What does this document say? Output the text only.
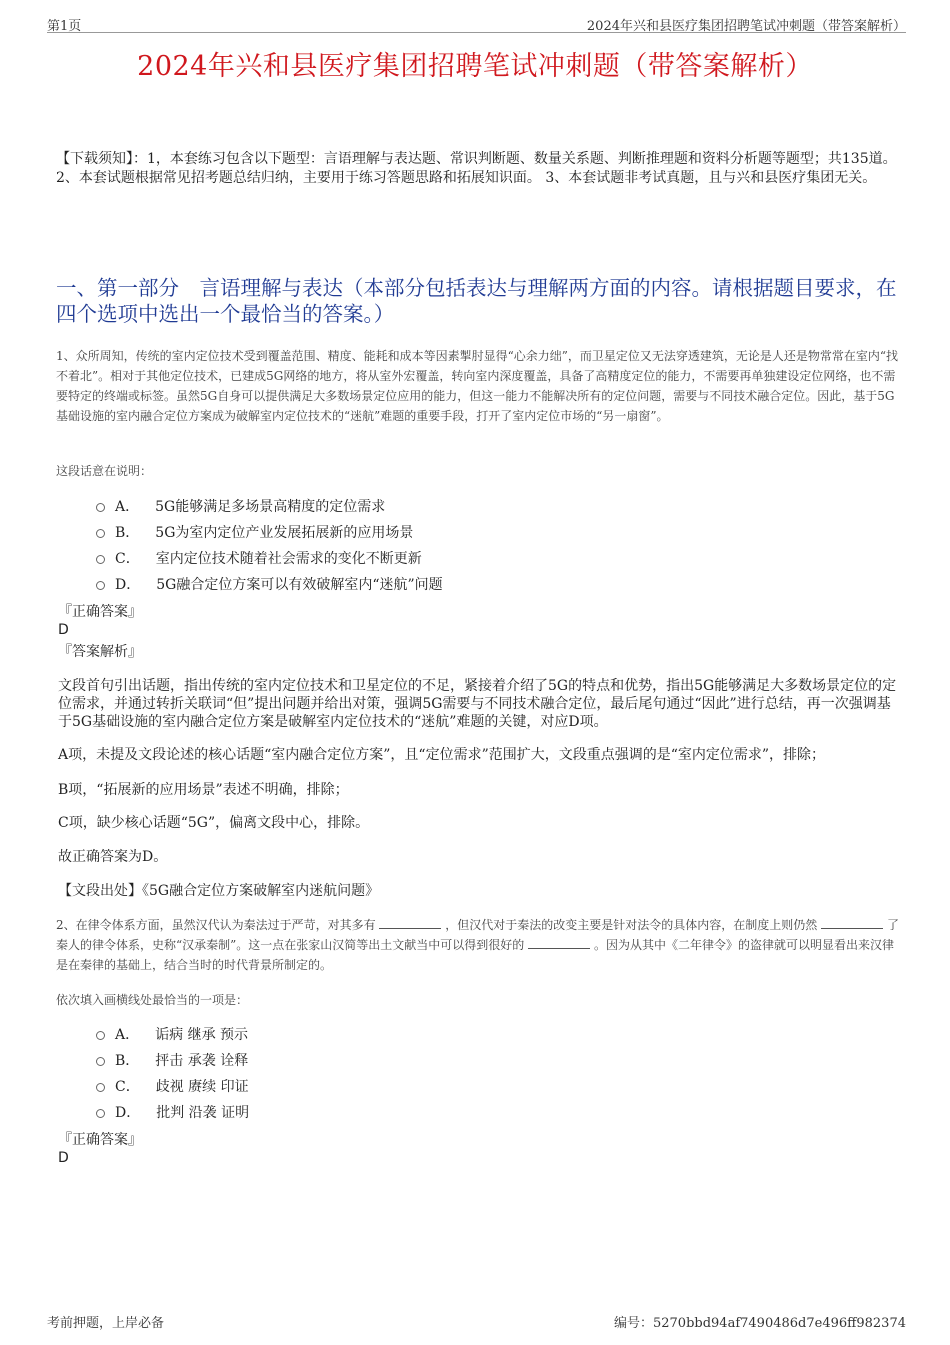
第1页	2024年兴和县医疗集团招聘笔试冲刺题（带答案解析）
2024年兴和县医疗集团招聘笔试冲刺题（带答案解析）
【下载须知】：1，本套练习包含以下题型：言语理解与表达题、常识判断题、数量关系题、判断推理题和资料分析题等题型；共135道。 2、本套试题根据常见招考题总结归纳，主要用于练习答题思路和拓展知识面。 3、本套试题非考试真题，且与兴和县医疗集团无关。
一、第一部分　言语理解与表达（本部分包括表达与理解两方面的内容。请根据题目要求，在四个选项中选出一个最恰当的答案。）
1、众所周知，传统的室内定位技术受到覆盖范围、精度、能耗和成本等因素掣肘显得“心余力绌”，而卫星定位又无法穿透建筑，无论是人还是物常常在室内“找不着北”。相对于其他定位技术，已建成5G网络的地方，将从室外宏覆盖，转向室内深度覆盖，具备了高精度定位的能力，不需要再单独建设定位网络，也不需要特定的终端或标签。虽然5G自身可以提供满足大多数场景定位应用的能力，但这一能力不能解决所有的定位问题，需要与不同技术融合定位。因此，基于5G基础设施的室内融合定位方案成为破解室内定位技术的“迷航”难题的重要手段，打开了室内定位市场的“另一扇窗”。
这段话意在说明：
A． 5G能够满足多场景高精度的定位需求
B． 5G为室内定位产业发展拓展新的应用场景
C． 室内定位技术随着社会需求的变化不断更新
D． 5G融合定位方案可以有效破解室内“迷航”问题
『正确答案』
D
『答案解析』
文段首句引出话题，指出传统的室内定位技术和卫星定位的不足，紧接着介绍了5G的特点和优势，指出5G能够满足大多数场景定位的定位需求，并通过转折关联词“但”提出问题并给出对策，强调5G需要与不同技术融合定位，最后尾句通过“因此”进行总结，再一次强调基于5G基础设施的室内融合定位方案是破解室内定位技术的“迷航”难题的关键，对应D项。
A项，未提及文段论述的核心话题“室内融合定位方案”，且“定位需求”范围扩大，文段重点强调的是“室内定位需求”，排除；
B项，“拓展新的应用场景”表述不明确，排除；
C项，缺少核心话题“5G”，偏离文段中心，排除。
故正确答案为D。
【文段出处】《5G融合定位方案破解室内迷航问题》
2、在律令体系方面，虽然汉代认为秦法过于严苛，对其多有	，但汉代对于秦法的改变主要是针对法令的具体内容，在制度上则仍然	了秦人的律令体系，史称“汉承秦制”。这一点在张家山汉简等出土文献当中可以得到很好的	。因为从其中《二年律令》的盗律就可以明显看出来汉律是在秦律的基础上，结合当时的时代背景所制定的。
依次填入画横线处最恰当的一项是：
A． 诟病 继承 预示
B． 抨击 承袭 诠释
C． 歧视 赓续 印证
D． 批判 沿袭 证明
『正确答案』
D
考前押题，上岸必备	编号：5270bbd94af7490486d7e496ff982374
